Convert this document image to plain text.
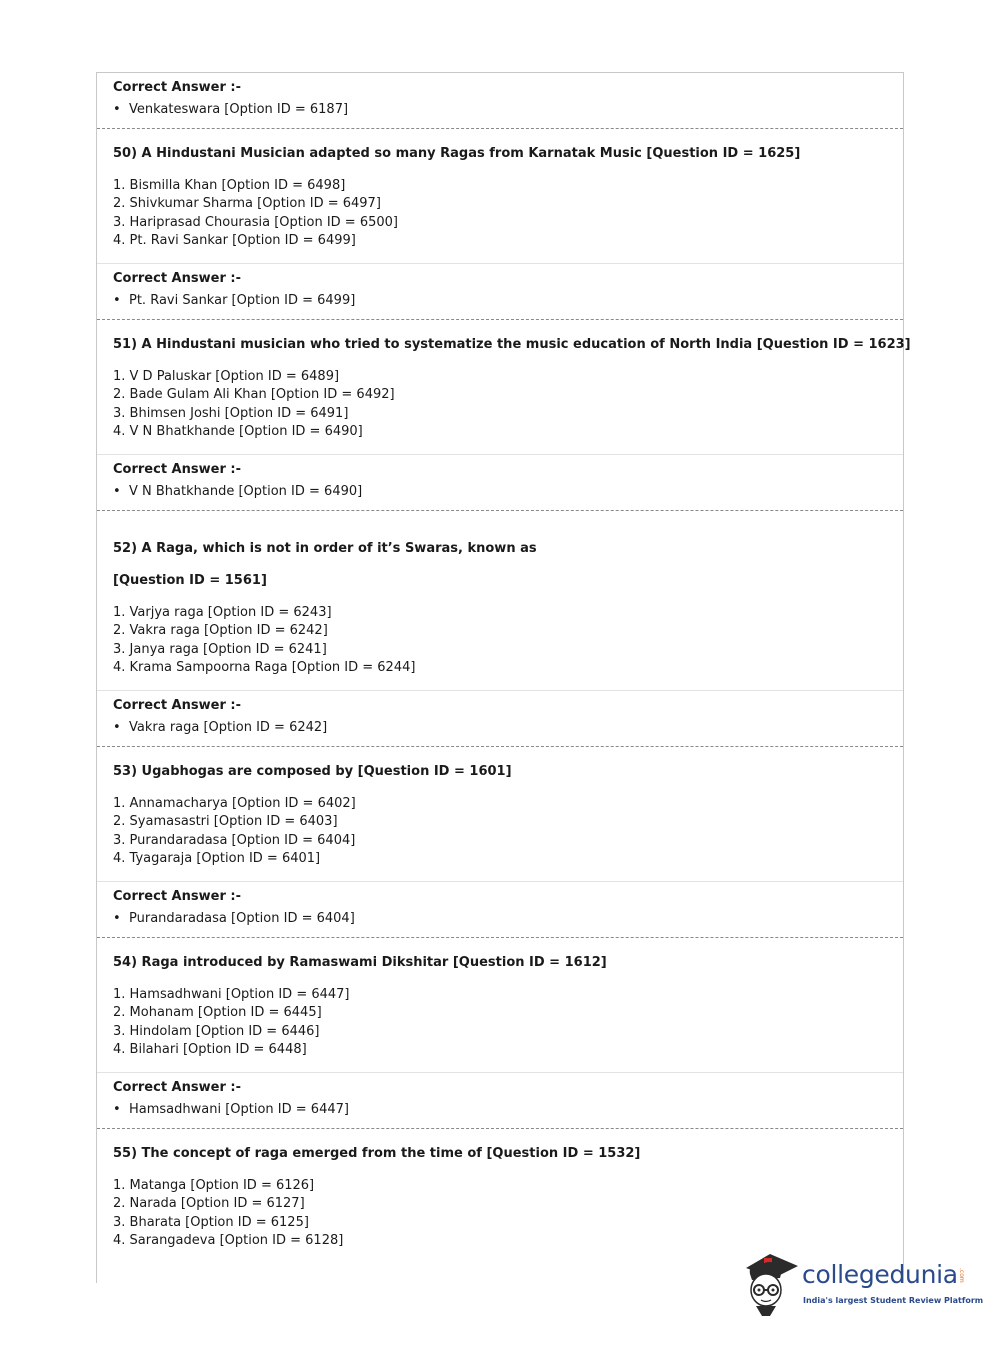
Correct Answer :-
• Venkateswara [Option ID = 6187]
50) A Hindustani Musician adapted so many Ragas from Karnatak Music [Question ID = 1625]
1. Bismilla Khan [Option ID = 6498]
2. Shivkumar Sharma [Option ID = 6497]
3. Hariprasad Chourasia [Option ID = 6500]
4. Pt. Ravi Sankar [Option ID = 6499]
Correct Answer :-
• Pt. Ravi Sankar [Option ID = 6499]
51) A Hindustani musician who tried to systematize the music education of North India [Question ID = 1623]
1. V D Paluskar [Option ID = 6489]
2. Bade Gulam Ali Khan [Option ID = 6492]
3. Bhimsen Joshi [Option ID = 6491]
4. V N Bhatkhande [Option ID = 6490]
Correct Answer :-
• V N Bhatkhande [Option ID = 6490]
52) A Raga, which is not in order of it’s Swaras, known as
[Question ID = 1561]
1. Varjya raga [Option ID = 6243]
2. Vakra raga [Option ID = 6242]
3. Janya raga [Option ID = 6241]
4. Krama Sampoorna Raga [Option ID = 6244]
Correct Answer :-
• Vakra raga [Option ID = 6242]
53) Ugabhogas are composed by [Question ID = 1601]
1. Annamacharya [Option ID = 6402]
2. Syamasastri [Option ID = 6403]
3. Purandaradasa [Option ID = 6404]
4. Tyagaraja [Option ID = 6401]
Correct Answer :-
• Purandaradasa [Option ID = 6404]
54) Raga introduced by Ramaswami Dikshitar [Question ID = 1612]
1. Hamsadhwani [Option ID = 6447]
2. Mohanam [Option ID = 6445]
3. Hindolam [Option ID = 6446]
4. Bilahari [Option ID = 6448]
Correct Answer :-
• Hamsadhwani [Option ID = 6447]
55) The concept of raga emerged from the time of [Question ID = 1532]
1. Matanga [Option ID = 6126]
2. Narada [Option ID = 6127]
3. Bharata [Option ID = 6125]
4. Sarangadeva [Option ID = 6128]
collegedunia .com
India's largest Student Review Platform
